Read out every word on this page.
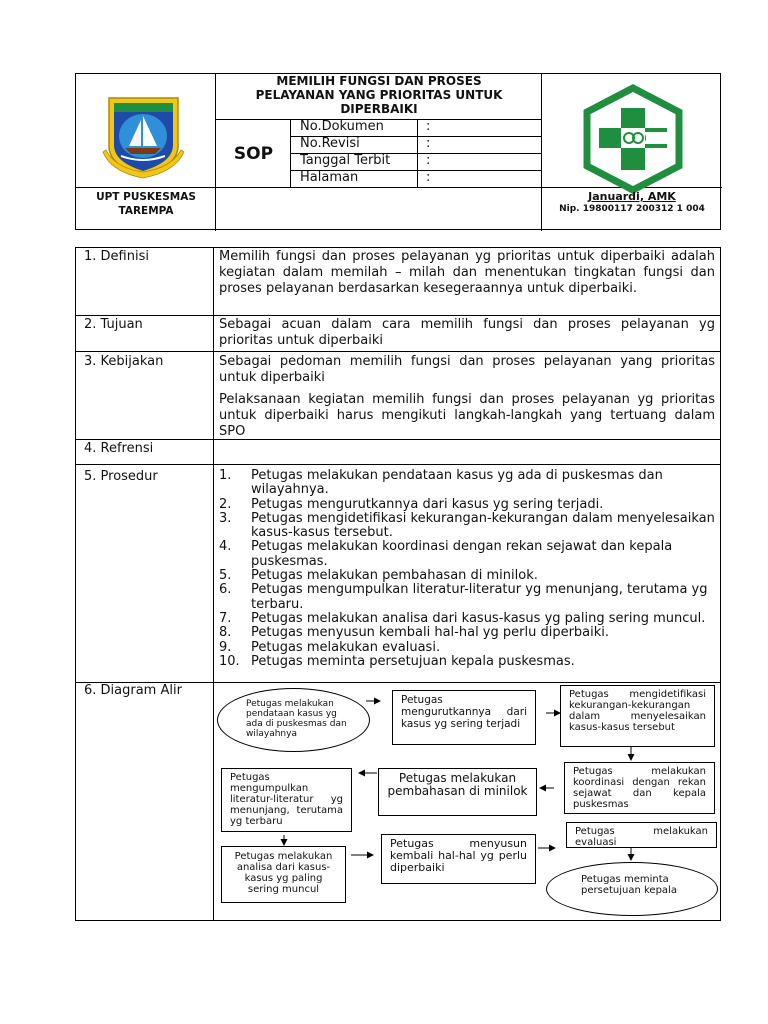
MEMILIH FUNGSI DAN PROSES
PELAYANAN YANG PRIORITAS UNTUK
DIPERBAIKI
SOP
No.Dokumen	:
No.Revisi	:
Tanggal Terbit	:
Halaman	:
UPT PUSKESMAS
TAREMPA
Januardi, AMK
Nip. 19800117 200312 1 004
1. Definisi	Memilih fungsi dan proses pelayanan yg prioritas untuk diperbaiki adalah kegiatan dalam memilah – milah dan menentukan tingkatan fungsi dan proses pelayanan berdasarkan kesegeraannya untuk diperbaiki.
2. Tujuan	Sebagai acuan dalam cara memilih fungsi dan proses pelayanan yg prioritas untuk diperbaiki
3. Kebijakan	Sebagai pedoman memilih fungsi dan proses pelayanan yang prioritas untuk diperbaiki
Pelaksanaan kegiatan memilih fungsi dan proses pelayanan yg prioritas untuk diperbaiki harus mengikuti langkah-langkah yang tertuang dalam SPO
4. Refrensi
5. Prosedur	1.	Petugas melakukan pendataan kasus yg ada di puskesmas dan wilayahnya.
2.	Petugas mengurutkannya dari kasus yg sering terjadi.
3.	Petugas mengidetifikasi kekurangan-kekurangan dalam menyelesaikan kasus-kasus tersebut.
4.	Petugas melakukan koordinasi dengan rekan sejawat dan kepala puskesmas.
5.	Petugas melakukan pembahasan di minilok.
6.	Petugas mengumpulkan literatur-literatur yg menunjang, terutama yg terbaru.
7.	Petugas melakukan analisa dari kasus-kasus yg paling sering muncul.
8.	Petugas menyusun kembali hal-hal yg perlu diperbaiki.
9.	Petugas melakukan evaluasi.
10. Petugas meminta persetujuan kepala puskesmas.
6. Diagram Alir
Petugas melakukan pendataan kasus yg ada di puskesmas dan wilayahnya
Petugas mengurutkannya dari kasus yg sering terjadi
Petugas mengidetifikasi kekurangan-kekurangan dalam menyelesaikan kasus-kasus tersebut
Petugas melakukan koordinasi dengan rekan sejawat dan kepala puskesmas
Petugas melakukan pembahasan di minilok
Petugas mengumpulkan literatur-literatur yg menunjang, terutama yg terbaru
Petugas melakukan analisa dari kasus-kasus yg paling sering muncul
Petugas menyusun kembali hal-hal yg perlu diperbaiki
Petugas melakukan evaluasi
Petugas meminta persetujuan kepala
